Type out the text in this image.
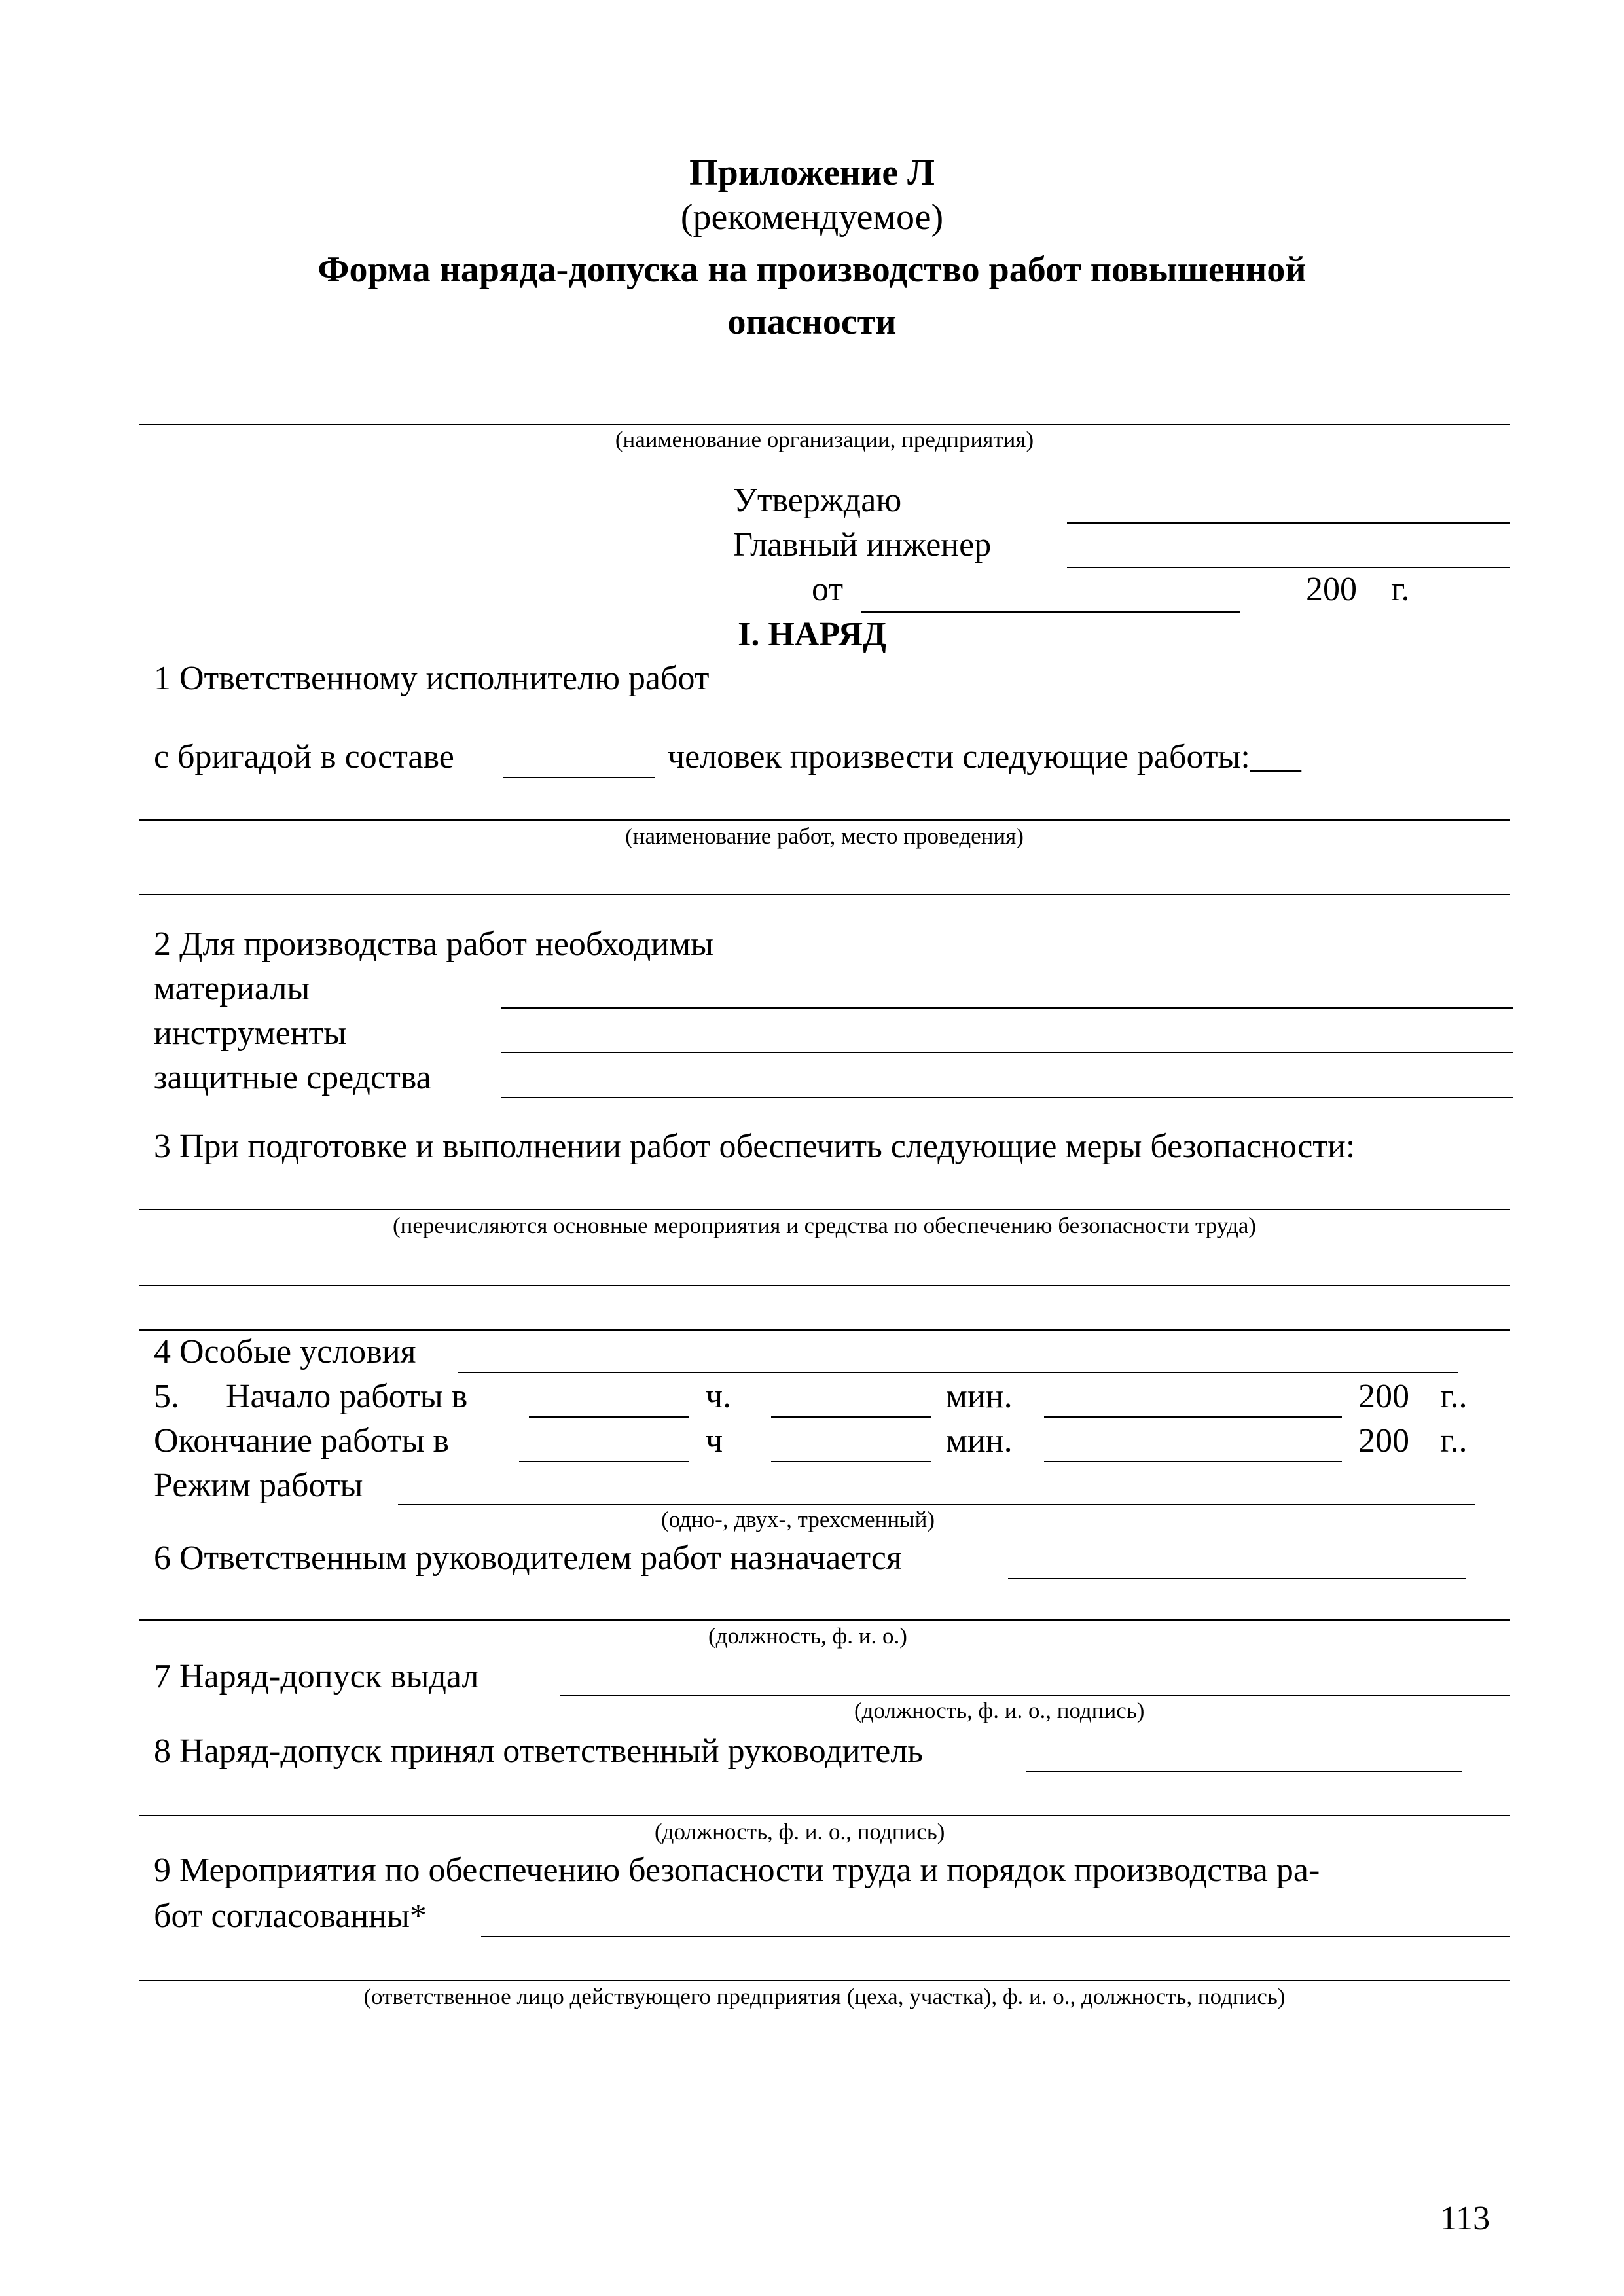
Приложение Л
(рекомендуемое)
Форма наряда-допуска на производство работ повышенной
опасности
(наименование организации, предприятия)
Утверждаю
Главный инженер
от	200 г.
I. НАРЯД
1 Ответственному исполнителю работ
с бригадой в составе	человек произвести следующие работы:___
(наименование работ, место проведения)
2 Для производства работ необходимы
материалы
инструменты
защитные средства
3 При подготовке и выполнении работ обеспечить следующие меры безопасности:
(перечисляются основные мероприятия и средства по обеспечению безопасности труда)
4 Особые условия
5. Начало работы в	ч.	мин.	200 г..
Окончание работы в	ч	мин.	200 г..
Режим работы
(одно-, двух-, трехсменный)
6 Ответственным руководителем работ назначается
(должность, ф. и. о.)
7 Наряд-допуск выдал
(должность, ф. и. о., подпись)
8 Наряд-допуск принял ответственный руководитель
(должность, ф. и. о., подпись)
9 Мероприятия по обеспечению безопасности труда и порядок производства ра-
бот согласованны*
(ответственное лицо действующего предприятия (цеха, участка), ф. и. о., должность, подпись)
113
